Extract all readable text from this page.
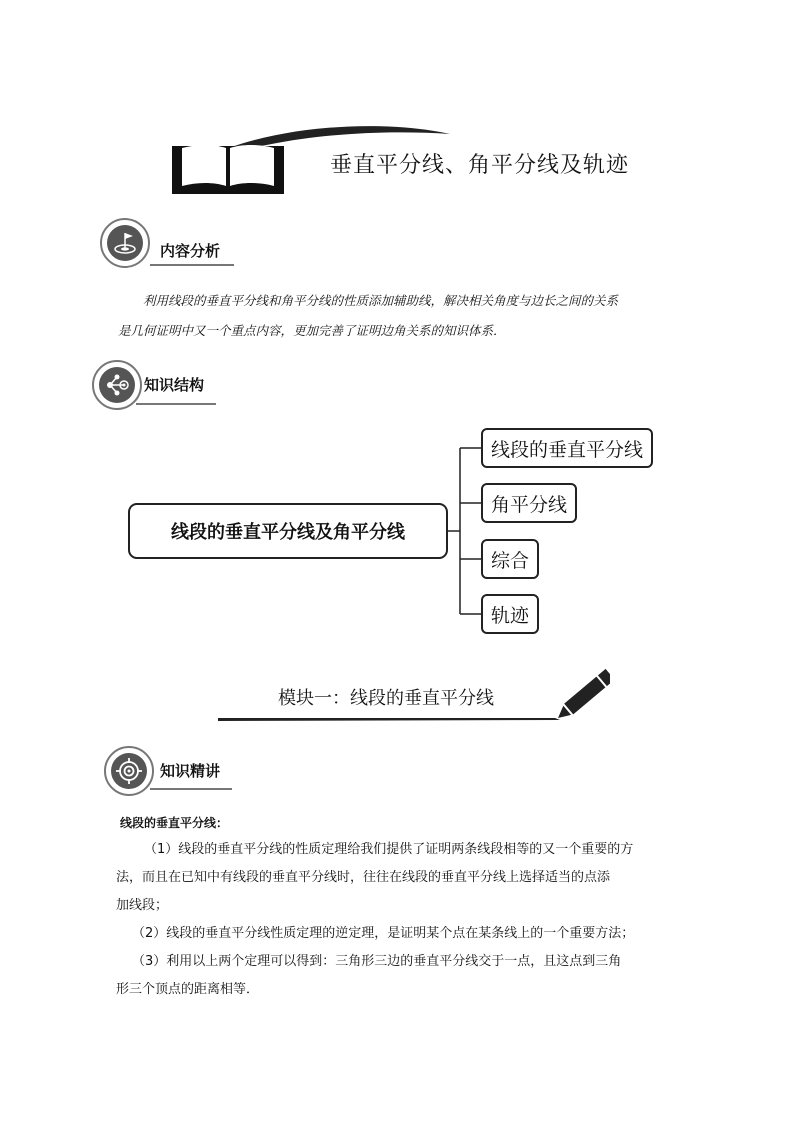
垂直平分线、角平分线及轨迹
内容分析
利用线段的垂直平分线和角平分线的性质添加辅助线，解决相关角度与边长之间的关系
是几何证明中又一个重点内容，更加完善了证明边角关系的知识体系．
知识结构
线段的垂直平分线及角平分线
线段的垂直平分线
角平分线
综合
轨迹
模块一：线段的垂直平分线
知识精讲
线段的垂直平分线：
（1）线段的垂直平分线的性质定理给我们提供了证明两条线段相等的又一个重要的方
法，而且在已知中有线段的垂直平分线时，往往在线段的垂直平分线上选择适当的点添
加线段；
（2）线段的垂直平分线性质定理的逆定理，是证明某个点在某条线上的一个重要方法；
（3）利用以上两个定理可以得到：三角形三边的垂直平分线交于一点，且这点到三角
形三个顶点的距离相等．
